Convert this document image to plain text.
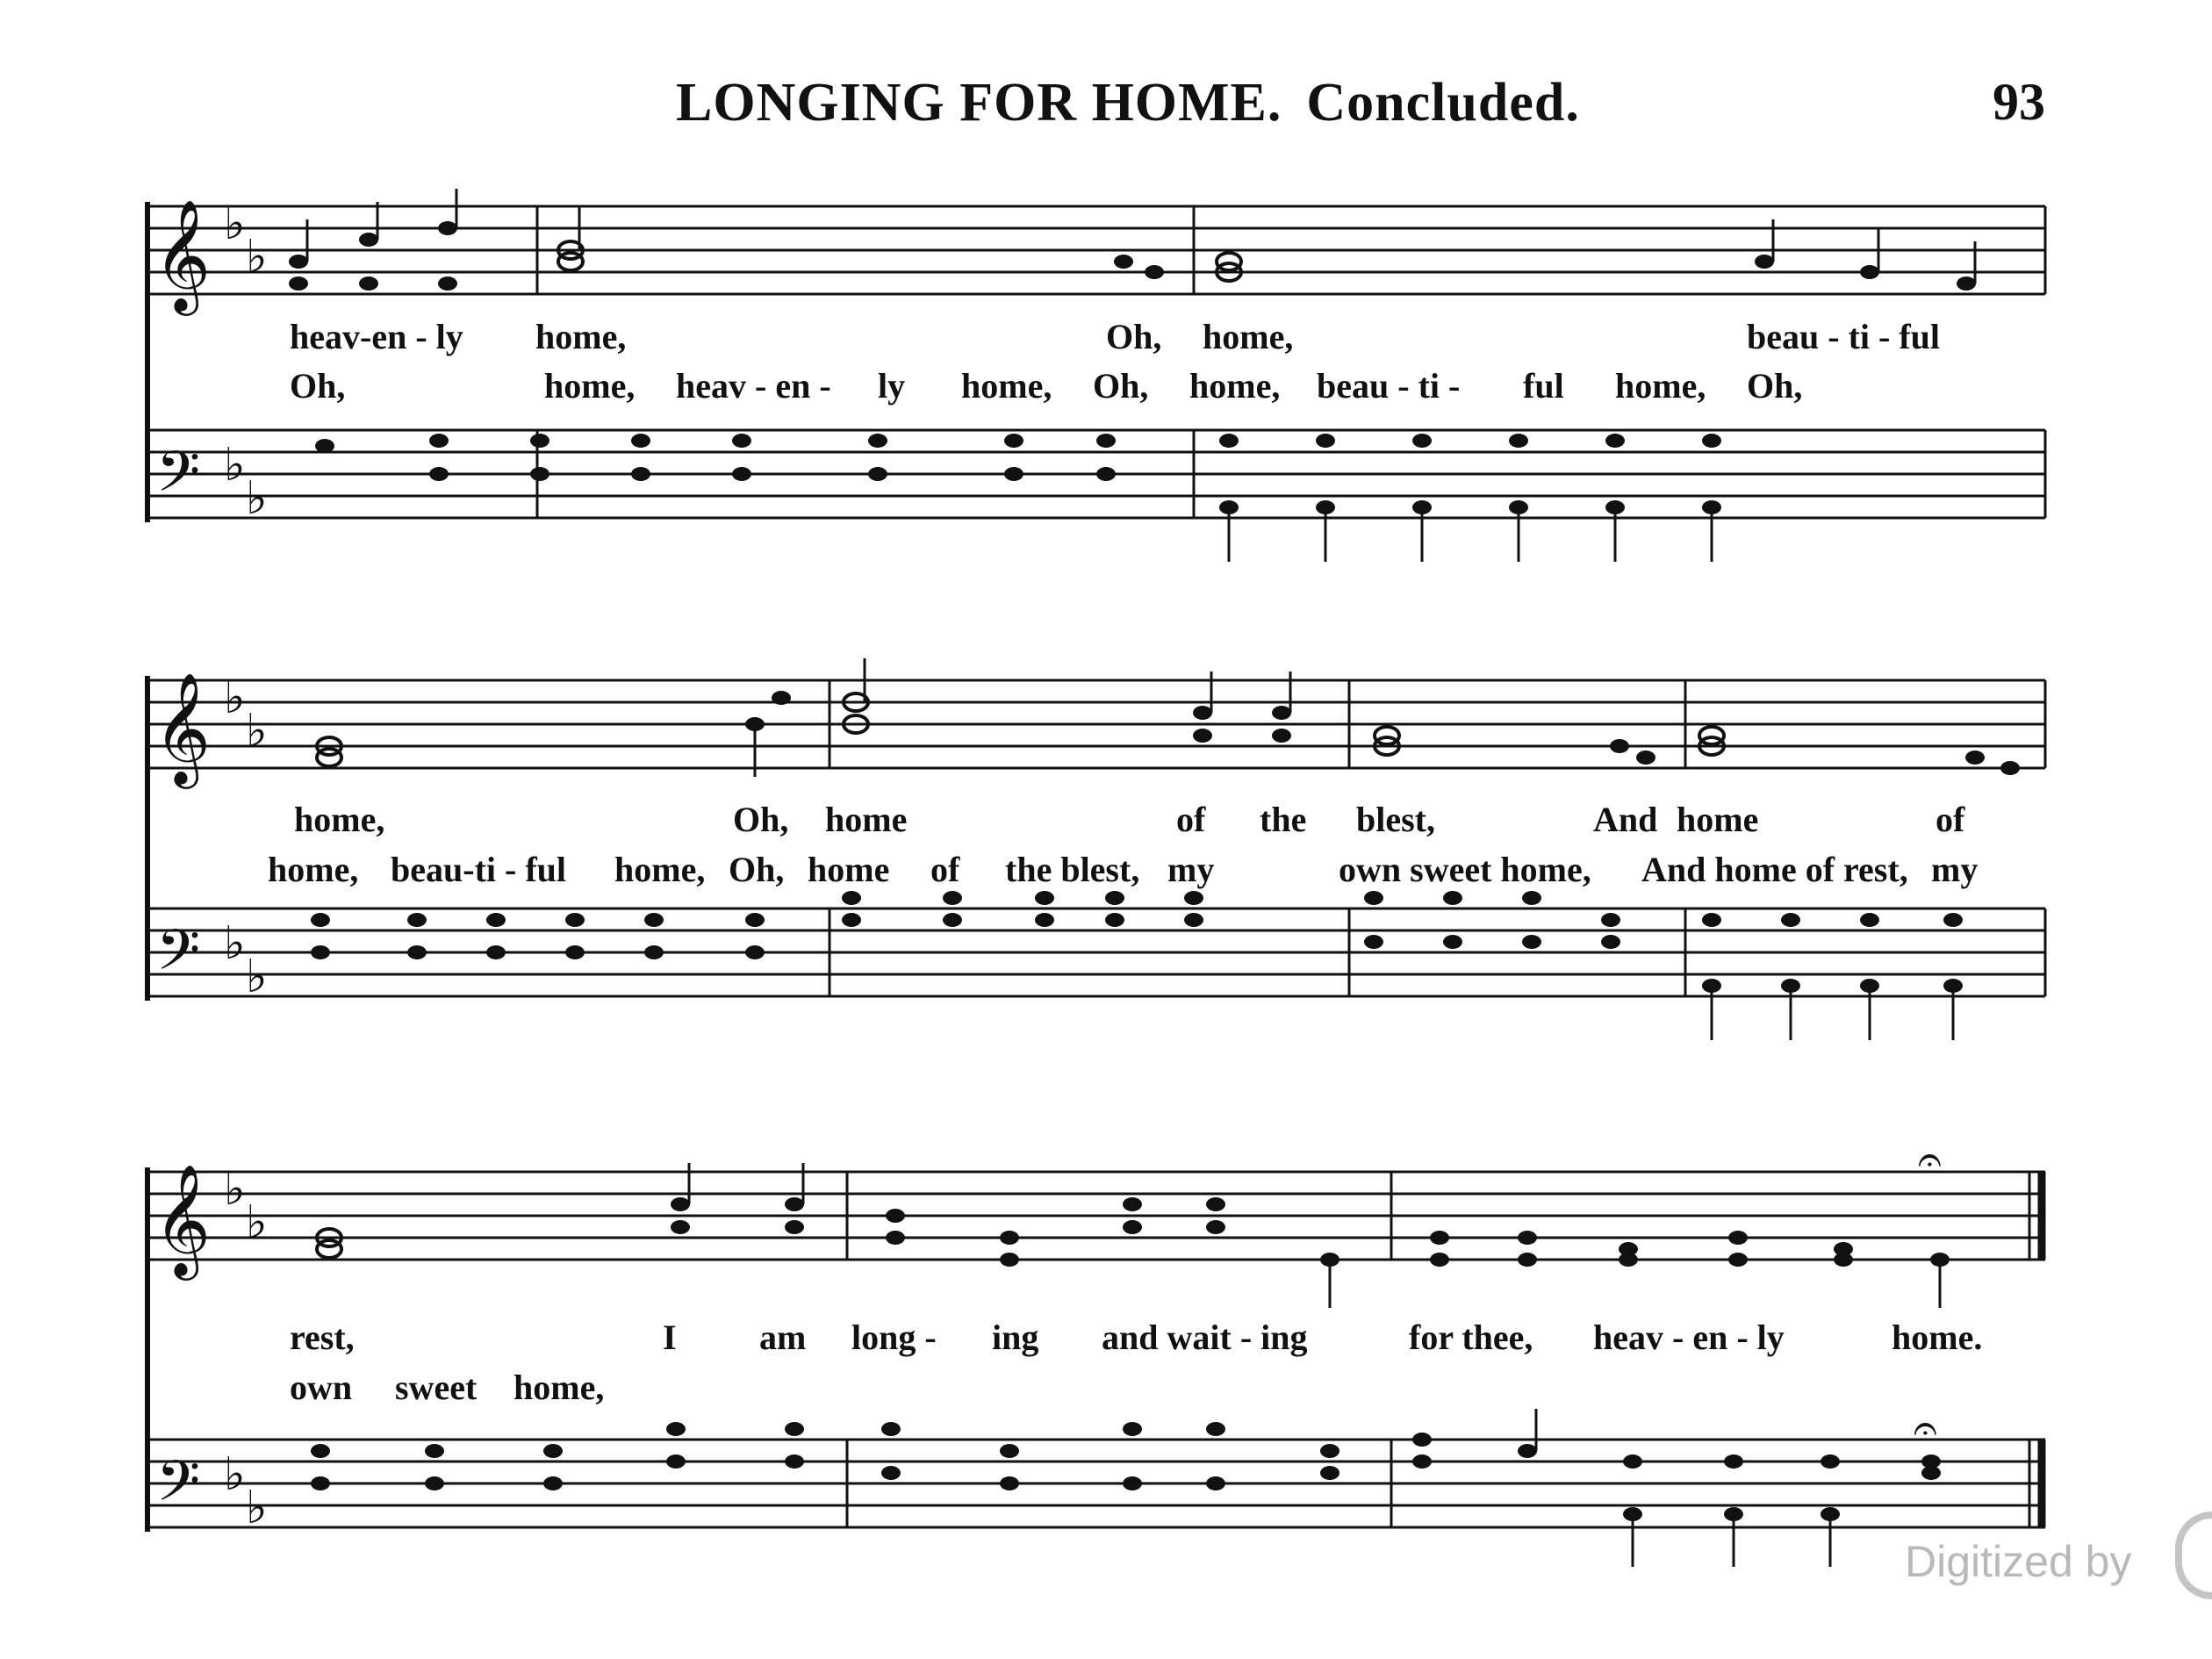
LONGING FOR HOME. Concluded.	93
𝄞
𝄢
♭
♭
♭
♭
heav-en - ly home,	Oh, home,	beau - ti - ful
Oh,	home, heav - en - ly home, Oh, home, beau - ti - ful home, Oh,
𝄞
𝄢
♭
♭
♭
♭
home,	Oh, home	of the blest,	And home	of
home, beau-ti - ful home, Oh, home of the blest, my	own sweet home, And home of rest, my
𝄞
𝄢
♭
♭
♭
♭
𝄐
𝄐
rest,	I am long - ing and wait - ing	for thee, heav - en - ly	home.
own sweet home,
Digitized by
